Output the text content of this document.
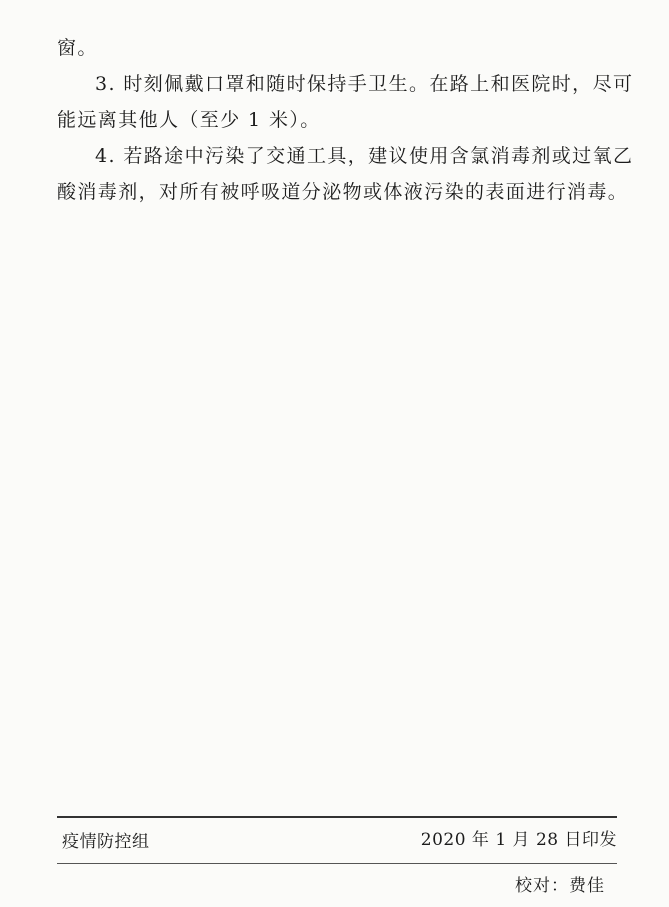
窗。
3. 时刻佩戴口罩和随时保持手卫生。在路上和医院时，尽可
能远离其他人（至少 1 米）。
4. 若路途中污染了交通工具，建议使用含氯消毒剂或过氧乙
酸消毒剂，对所有被呼吸道分泌物或体液污染的表面进行消毒。
疫情防控组	2020 年 1 月 28 日印发
校对：费佳
